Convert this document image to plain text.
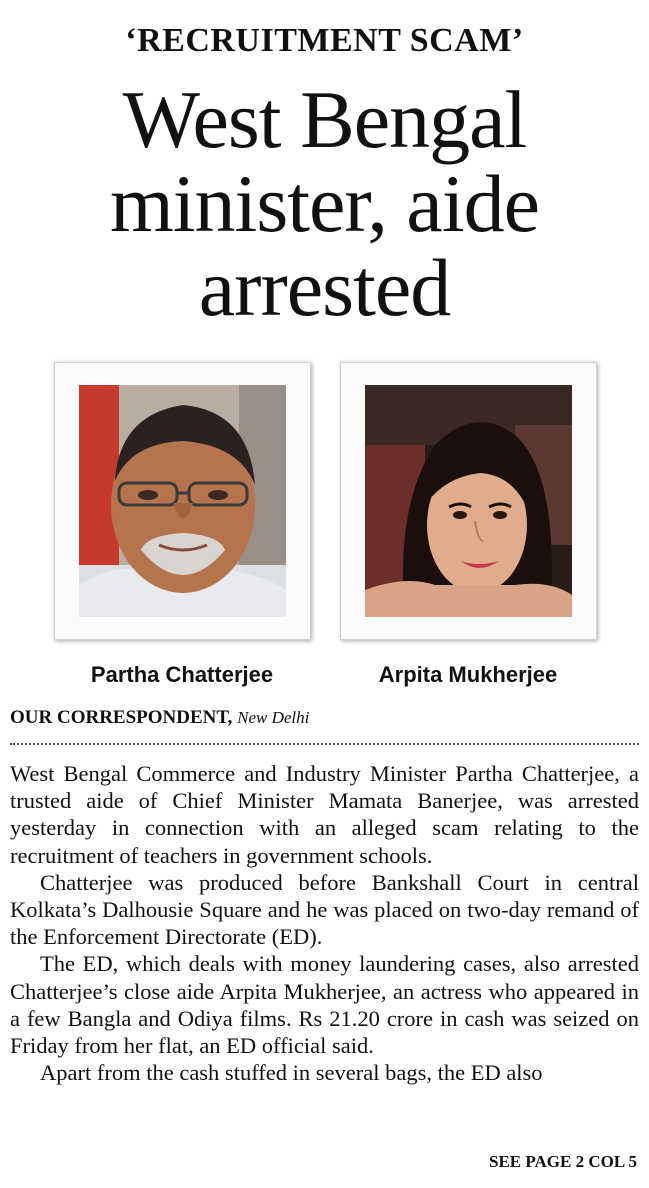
‘RECRUITMENT SCAM’
West Bengal
minister, aide
arrested
Partha Chatterjee	Arpita Mukherjee
OUR CORRESPONDENT, New Delhi

West Bengal Commerce and Industry Minister Partha Chatterjee, a trusted aide of Chief Minister Mamata Banerjee, was arrested yesterday in connection with an alleged scam relating to the recruitment of teachers in government schools.

Chatterjee was produced before Bankshall Court in central Kolkata’s Dalhousie Square and he was placed on two-day remand of the Enforcement Directorate (ED).

The ED, which deals with money laundering cases, also arrested Chatterjee’s close aide Arpita Mukherjee, an actress who appeared in a few Bangla and Odiya films. Rs 21.20 crore in cash was seized on Friday from her flat, an ED official said.

Apart from the cash stuffed in several bags, the ED also

SEE PAGE 2 COL 5
